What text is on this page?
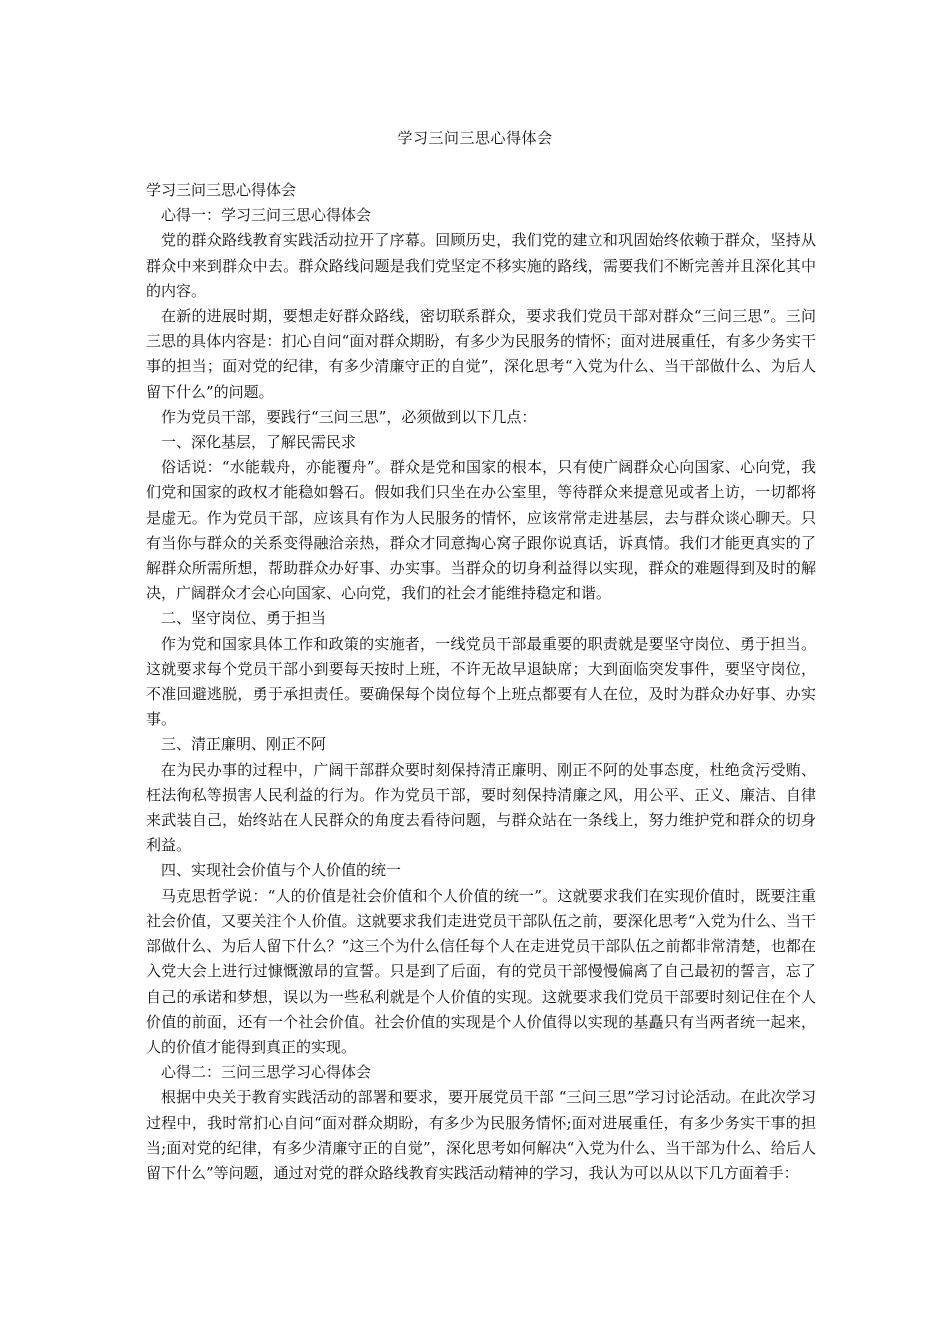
学习三问三思心得体会

学习三问三思心得体会

心得一：学习三问三思心得体会

党的群众路线教育实践活动拉开了序幕。回顾历史，我们党的建立和巩固始终依赖于群众，坚持从群众中来到群众中去。群众路线问题是我们党坚定不移实施的路线，需要我们不断完善并且深化其中的内容。

在新的进展时期，要想走好群众路线，密切联系群众，要求我们党员干部对群众“三问三思”。三问三思的具体内容是：扪心自问“面对群众期盼，有多少为民服务的情怀；面对进展重任，有多少务实干事的担当；面对党的纪律，有多少清廉守正的自觉”，深化思考“入党为什么、当干部做什么、为后人留下什么”的问题。

作为党员干部，要践行“三问三思”，必须做到以下几点：

一、深化基层，了解民需民求

俗话说：“水能载舟，亦能覆舟”。群众是党和国家的根本，只有使广阔群众心向国家、心向党，我们党和国家的政权才能稳如磐石。假如我们只坐在办公室里，等待群众来提意见或者上访，一切都将是虚无。作为党员干部，应该具有作为人民服务的情怀，应该常常走进基层，去与群众谈心聊天。只有当你与群众的关系变得融洽亲热，群众才同意掏心窝子跟你说真话，诉真情。我们才能更真实的了解群众所需所想，帮助群众办好事、办实事。当群众的切身利益得以实现，群众的难题得到及时的解决，广阔群众才会心向国家、心向党，我们的社会才能维持稳定和谐。

二、坚守岗位、勇于担当

作为党和国家具体工作和政策的实施者，一线党员干部最重要的职责就是要坚守岗位、勇于担当。这就要求每个党员干部小到要每天按时上班，不许无故早退缺席；大到面临突发事件，要坚守岗位，不准回避逃脱，勇于承担责任。要确保每个岗位每个上班点都要有人在位，及时为群众办好事、办实事。

三、清正廉明、刚正不阿

在为民办事的过程中，广阔干部群众要时刻保持清正廉明、刚正不阿的处事态度，杜绝贪污受贿、枉法徇私等损害人民利益的行为。作为党员干部，要时刻保持清廉之风，用公平、正义、廉洁、自律来武装自己，始终站在人民群众的角度去看待问题，与群众站在一条线上，努力维护党和群众的切身利益。

四、实现社会价值与个人价值的统一

马克思哲学说：“人的价值是社会价值和个人价值的统一”。这就要求我们在实现价值时，既要注重社会价值，又要关注个人价值。这就要求我们走进党员干部队伍之前，要深化思考“入党为什么、当干部做什么、为后人留下什么？”这三个为什么信任每个人在走进党员干部队伍之前都非常清楚，也都在入党大会上进行过慷慨激昂的宣誓。只是到了后面，有的党员干部慢慢偏离了自己最初的誓言，忘了自己的承诺和梦想，误以为一些私利就是个人价值的实现。这就要求我们党员干部要时刻记住在个人价值的前面，还有一个社会价值。社会价值的实现是个人价值得以实现的基矗只有当两者统一起来，人的价值才能得到真正的实现。

心得二：三问三思学习心得体会

根据中央关于教育实践活动的部署和要求，要开展党员干部 “三问三思”学习讨论活动。在此次学习过程中，我时常扪心自问“面对群众期盼，有多少为民服务情怀;面对进展重任，有多少务实干事的担当;面对党的纪律，有多少清廉守正的自觉”，深化思考如何解决“入党为什么、当干部为什么、给后人留下什么”等问题，通过对党的群众路线教育实践活动精神的学习，我认为可以从以下几方面着手：
